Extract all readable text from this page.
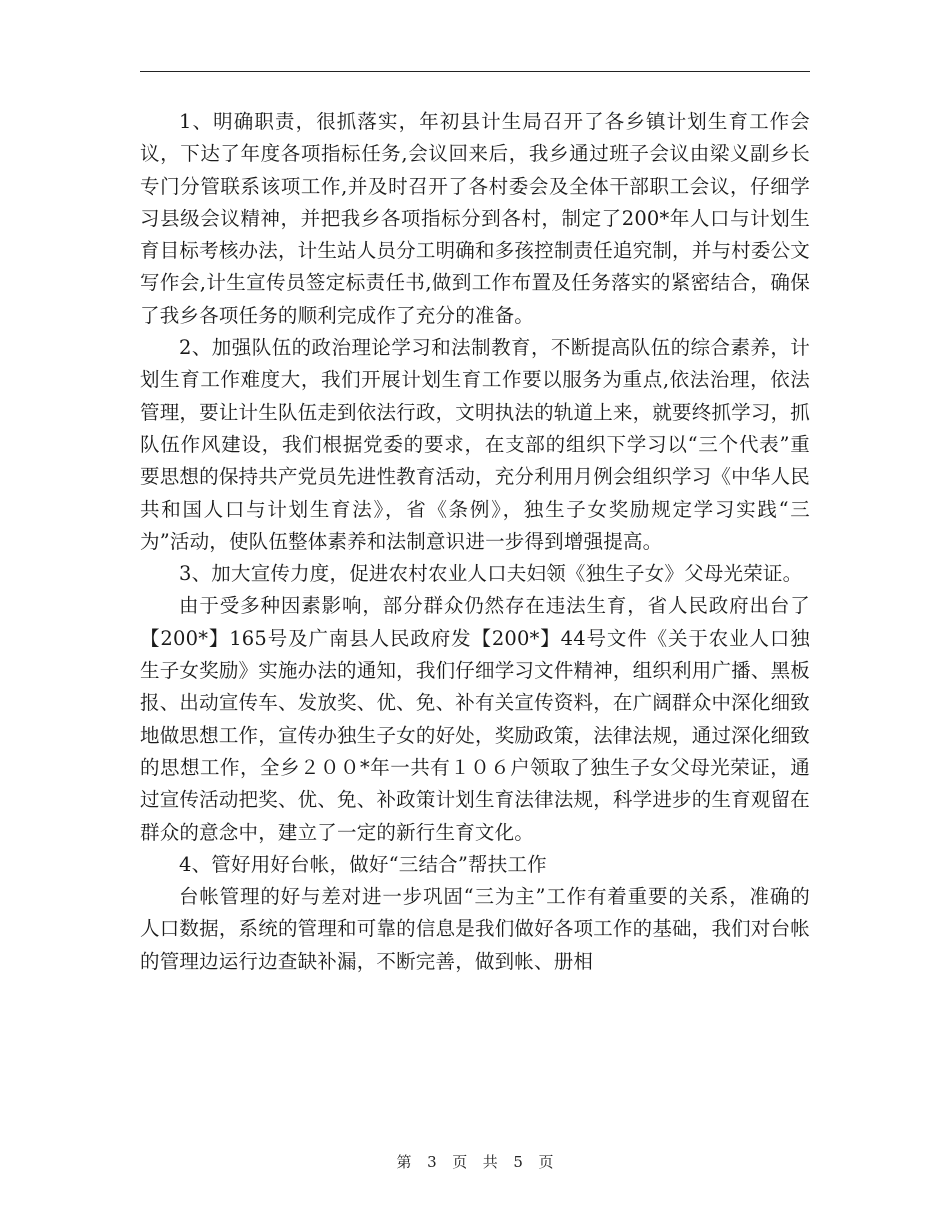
1、明确职责，很抓落实，年初县计生局召开了各乡镇计划生育工作会议，下达了年度各项指标任务,会议回来后，我乡通过班子会议由梁义副乡长专门分管联系该项工作,并及时召开了各村委会及全体干部职工会议，仔细学习县级会议精神，并把我乡各项指标分到各村，制定了200*年人口与计划生育目标考核办法，计生站人员分工明确和多孩控制责任追究制，并与村委公文写作会,计生宣传员签定标责任书,做到工作布置及任务落实的紧密结合，确保了我乡各项任务的顺利完成作了充分的准备。

2、加强队伍的政治理论学习和法制教育，不断提高队伍的综合素养，计划生育工作难度大，我们开展计划生育工作要以服务为重点,依法治理，依法管理，要让计生队伍走到依法行政，文明执法的轨道上来，就要终抓学习，抓队伍作风建设，我们根据党委的要求，在支部的组织下学习以“三个代表”重要思想的保持共产党员先进性教育活动，充分利用月例会组织学习《中华人民共和国人口与计划生育法》，省《条例》，独生子女奖励规定学习实践“三为”活动，使队伍整体素养和法制意识进一步得到增强提高。

3、加大宣传力度，促进农村农业人口夫妇领《独生子女》父母光荣证。

由于受多种因素影响，部分群众仍然存在违法生育，省人民政府出台了【200*】165号及广南县人民政府发【200*】44号文件《关于农业人口独生子女奖励》实施办法的通知，我们仔细学习文件精神，组织利用广播、黑板报、出动宣传车、发放奖、优、免、补有关宣传资料，在广阔群众中深化细致地做思想工作，宣传办独生子女的好处，奖励政策，法律法规，通过深化细致的思想工作，全乡２００*年一共有１０６户领取了独生子女父母光荣证，通过宣传活动把奖、优、免、补政策计划生育法律法规，科学进步的生育观留在群众的意念中，建立了一定的新行生育文化。

4、管好用好台帐，做好“三结合”帮扶工作

台帐管理的好与差对进一步巩固“三为主”工作有着重要的关系，准确的人口数据，系统的管理和可靠的信息是我们做好各项工作的基础，我们对台帐的管理边运行边查缺补漏，不断完善，做到帐、册相

第 3 页 共 5 页
